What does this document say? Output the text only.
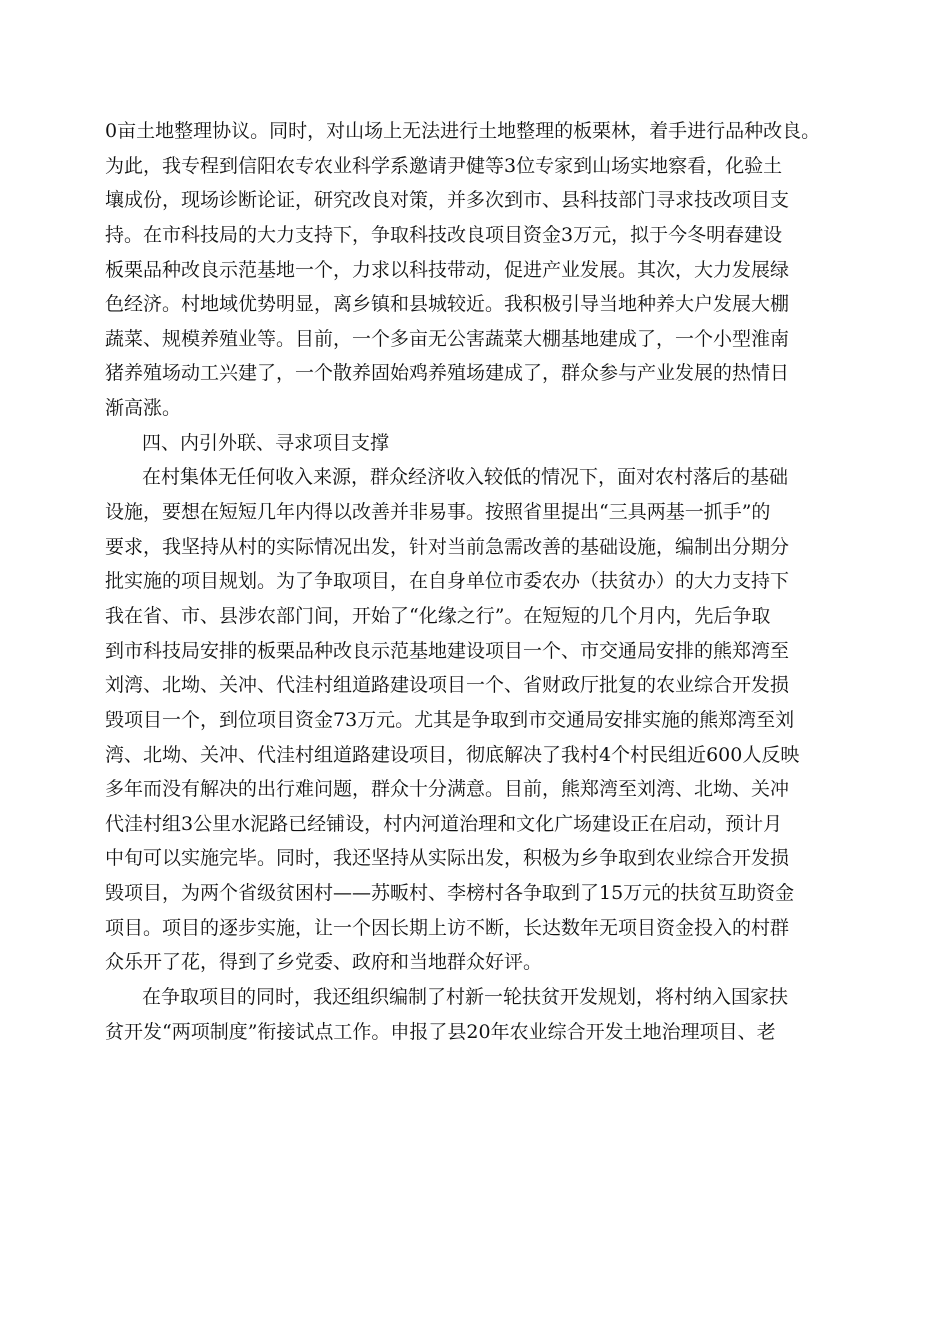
0亩土地整理协议。同时，对山场上无法进行土地整理的板栗林，着手进行品种改良。
为此，我专程到信阳农专农业科学系邀请尹健等3位专家到山场实地察看，化验土
壤成份，现场诊断论证，研究改良对策，并多次到市、县科技部门寻求技改项目支
持。在市科技局的大力支持下，争取科技改良项目资金3万元，拟于今冬明春建设
板栗品种改良示范基地一个，力求以科技带动，促进产业发展。其次，大力发展绿
色经济。村地域优势明显，离乡镇和县城较近。我积极引导当地种养大户发展大棚
蔬菜、规模养殖业等。目前，一个多亩无公害蔬菜大棚基地建成了，一个小型淮南
猪养殖场动工兴建了，一个散养固始鸡养殖场建成了，群众参与产业发展的热情日
渐高涨。
四、内引外联、寻求项目支撑
在村集体无任何收入来源，群众经济收入较低的情况下，面对农村落后的基础
设施，要想在短短几年内得以改善并非易事。按照省里提出“三具两基一抓手”的
要求，我坚持从村的实际情况出发，针对当前急需改善的基础设施，编制出分期分
批实施的项目规划。为了争取项目，在自身单位市委农办（扶贫办）的大力支持下
我在省、市、县涉农部门间，开始了“化缘之行”。在短短的几个月内，先后争取
到市科技局安排的板栗品种改良示范基地建设项目一个、市交通局安排的熊郑湾至
刘湾、北坳、关冲、代洼村组道路建设项目一个、省财政厅批复的农业综合开发损
毁项目一个，到位项目资金73万元。尤其是争取到市交通局安排实施的熊郑湾至刘
湾、北坳、关冲、代洼村组道路建设项目，彻底解决了我村4个村民组近600人反映
多年而没有解决的出行难问题，群众十分满意。目前，熊郑湾至刘湾、北坳、关冲
代洼村组3公里水泥路已经铺设，村内河道治理和文化广场建设正在启动，预计月
中旬可以实施完毕。同时，我还坚持从实际出发，积极为乡争取到农业综合开发损
毁项目，为两个省级贫困村——苏畈村、李榜村各争取到了15万元的扶贫互助资金
项目。项目的逐步实施，让一个因长期上访不断，长达数年无项目资金投入的村群
众乐开了花，得到了乡党委、政府和当地群众好评。
在争取项目的同时，我还组织编制了村新一轮扶贫开发规划，将村纳入国家扶
贫开发“两项制度”衔接试点工作。申报了县20年农业综合开发土地治理项目、老
